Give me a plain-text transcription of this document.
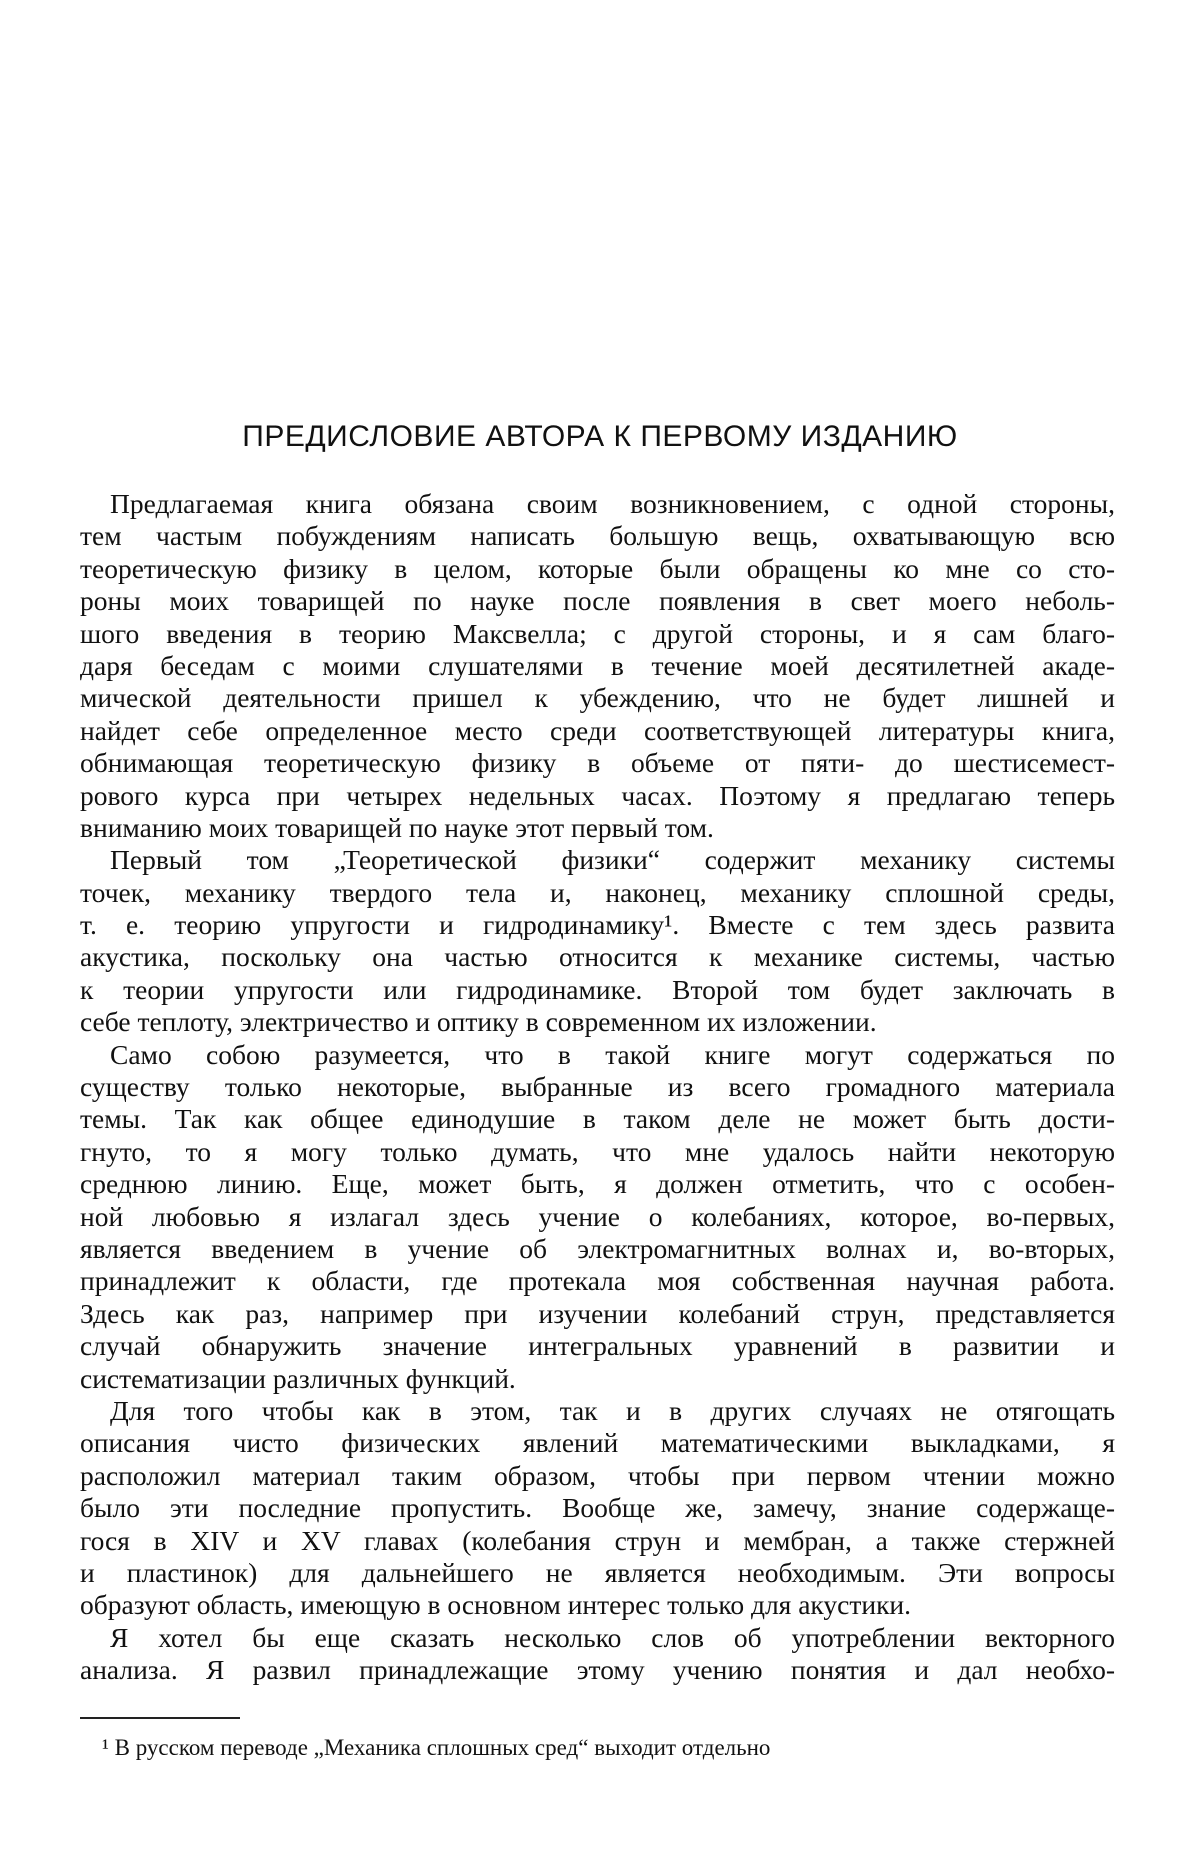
ПРЕДИСЛОВИЕ АВТОРА К ПЕРВОМУ ИЗДАНИЮ
Предлагаемая книга обязана своим возникновением, с одной стороны,
тем частым побуждениям написать большую вещь, охватывающую всю
теоретическую физику в целом, которые были обращены ко мне со сто-
роны моих товарищей по науке после появления в свет моего неболь-
шого введения в теорию Максвелла; с другой стороны, и я сам благо-
даря беседам с моими слушателями в течение моей десятилетней акаде-
мической деятельности пришел к убеждению, что не будет лишней и
найдет себе определенное место среди соответствующей литературы книга,
обнимающая теоретическую физику в объеме от пяти- до шестисемест-
рового курса при четырех недельных часах. Поэтому я предлагаю теперь
вниманию моих товарищей по науке этот первый том.
Первый том „Теоретической физики“ содержит механику системы
точек, механику твердого тела и, наконец, механику сплошной среды,
т. е. теорию упругости и гидродинамику¹. Вместе с тем здесь развита
акустика, поскольку она частью относится к механике системы, частью
к теории упругости или гидродинамике. Второй том будет заключать в
себе теплоту, электричество и оптику в современном их изложении.
Само собою разумеется, что в такой книге могут содержаться по
существу только некоторые, выбранные из всего громадного материала
темы. Так как общее единодушие в таком деле не может быть дости-
гнуто, то я могу только думать, что мне удалось найти некоторую
среднюю линию. Еще, может быть, я должен отметить, что с особен-
ной любовью я излагал здесь учение о колебаниях, которое, во-первых,
является введением в учение об электромагнитных волнах и, во-вторых,
принадлежит к области, где протекала моя собственная научная работа.
Здесь как раз, например при изучении колебаний струн, представляется
случай обнаружить значение интегральных уравнений в развитии и
систематизации различных функций.
Для того чтобы как в этом, так и в других случаях не отягощать
описания чисто физических явлений математическими выкладками, я
расположил материал таким образом, чтобы при первом чтении можно
было эти последние пропустить. Вообще же, замечу, знание содержаще-
гося в XIV и XV главах (колебания струн и мембран, а также стержней
и пластинок) для дальнейшего не является необходимым. Эти вопросы
образуют область, имеющую в основном интерес только для акустики.
Я хотел бы еще сказать несколько слов об употреблении векторного
анализа. Я развил принадлежащие этому учению понятия и дал необхо-
¹ В русском переводе „Механика сплошных сред“ выходит отдельно
